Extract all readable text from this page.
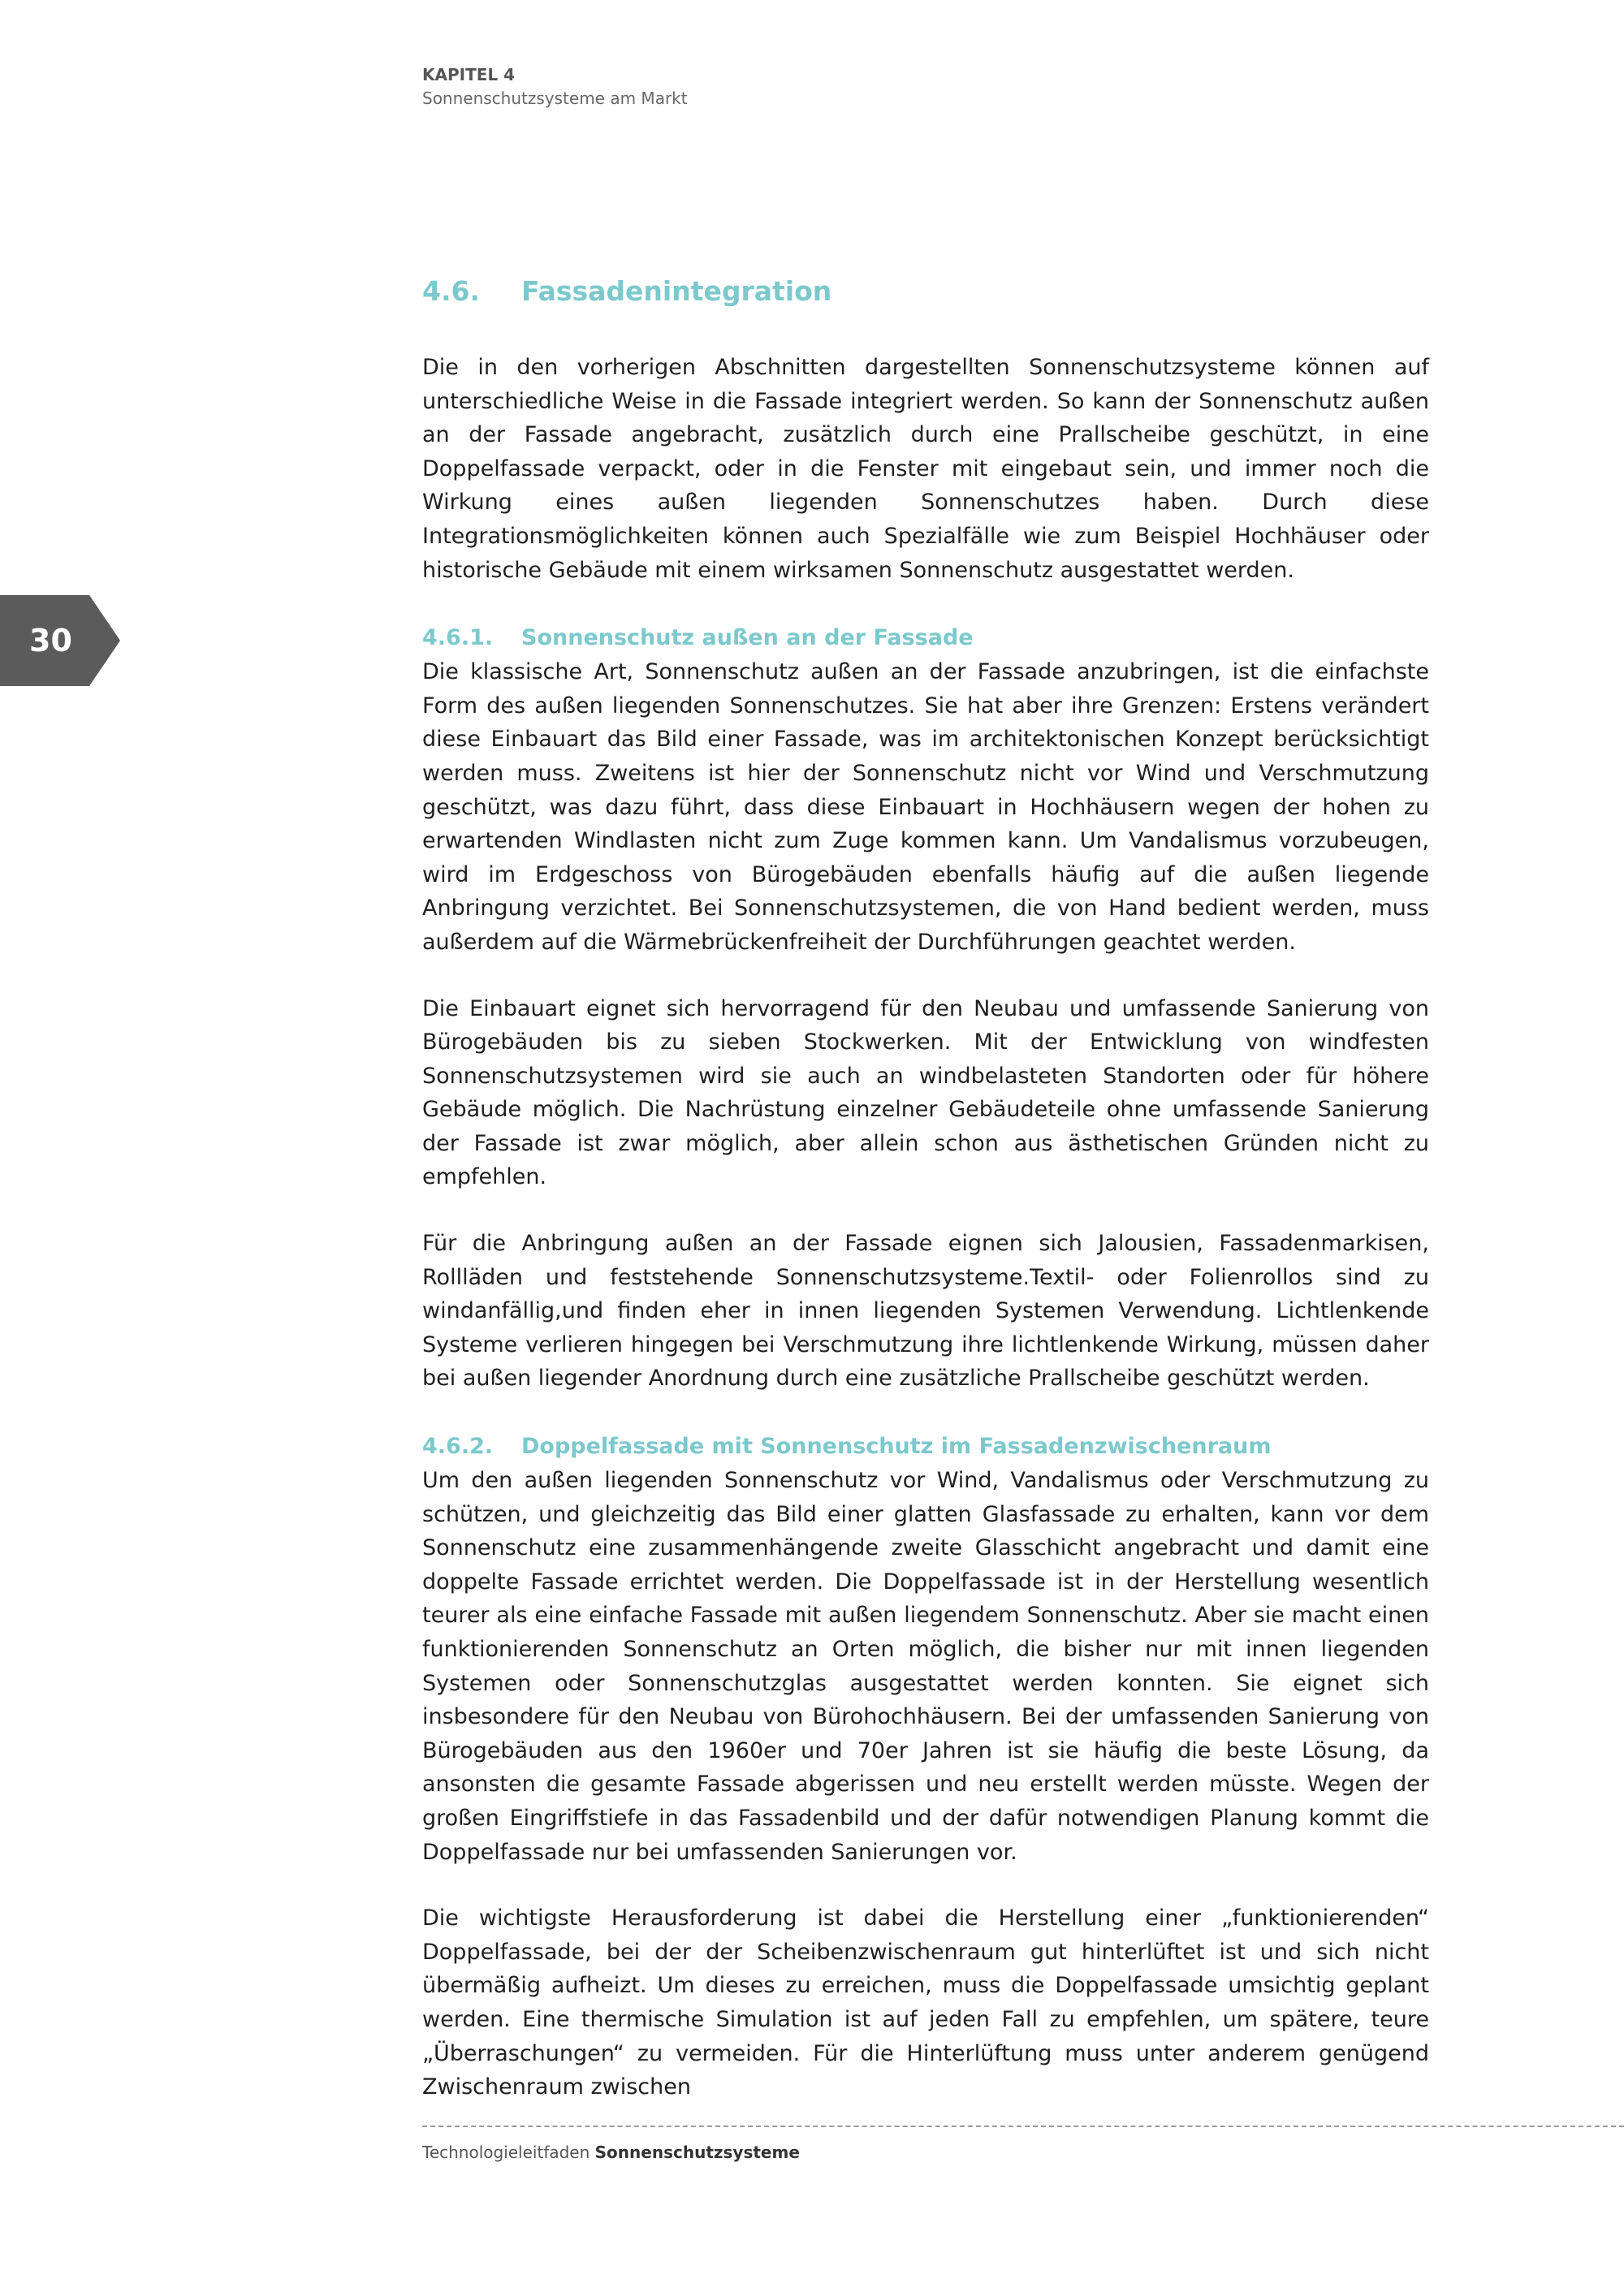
KAPITEL 4
Sonnenschutzsysteme am Markt
30
4.6. Fassadenintegration

Die in den vorherigen Abschnitten dargestellten Sonnenschutzsysteme können auf unterschiedliche Weise in die Fassade integriert werden. So kann der Sonnenschutz außen an der Fassade angebracht, zusätzlich durch eine Prallscheibe geschützt, in eine Doppelfassade verpackt, oder in die Fenster mit eingebaut sein, und immer noch die Wirkung eines außen liegenden Sonnenschutzes haben. Durch diese Integrationsmöglichkeiten können auch Spezialfälle wie zum Beispiel Hochhäuser oder historische Gebäude mit einem wirksamen Sonnenschutz ausgestattet werden.

4.6.1. Sonnenschutz außen an der Fassade

Die klassische Art, Sonnenschutz außen an der Fassade anzubringen, ist die einfachste Form des außen liegenden Sonnenschutzes. Sie hat aber ihre Grenzen: Erstens verändert diese Einbauart das Bild einer Fassade, was im architektonischen Konzept berücksichtigt werden muss. Zweitens ist hier der Sonnenschutz nicht vor Wind und Verschmutzung geschützt, was dazu führt, dass diese Einbauart in Hochhäusern wegen der hohen zu erwartenden Windlasten nicht zum Zuge kommen kann. Um Vandalismus vorzubeugen, wird im Erdgeschoss von Bürogebäuden ebenfalls häufig auf die außen liegende Anbringung verzichtet. Bei Sonnenschutzsystemen, die von Hand bedient werden, muss außerdem auf die Wärmebrückenfreiheit der Durchführungen geachtet werden.

Die Einbauart eignet sich hervorragend für den Neubau und umfassende Sanierung von Bürogebäuden bis zu sieben Stockwerken. Mit der Entwicklung von windfesten Sonnenschutzsystemen wird sie auch an windbelasteten Standorten oder für höhere Gebäude möglich. Die Nachrüstung einzelner Gebäudeteile ohne umfassende Sanierung der Fassade ist zwar möglich, aber allein schon aus ästhetischen Gründen nicht zu empfehlen.

Für die Anbringung außen an der Fassade eignen sich Jalousien, Fassadenmarkisen, Rollläden und feststehende Sonnenschutzsysteme.Textil- oder Folienrollos sind zu windanfällig,und finden eher in innen liegenden Systemen Verwendung. Lichtlenkende Systeme verlieren hingegen bei Verschmutzung ihre lichtlenkende Wirkung, müssen daher bei außen liegender Anordnung durch eine zusätzliche Prallscheibe geschützt werden.

4.6.2. Doppelfassade mit Sonnenschutz im Fassadenzwischenraum

Um den außen liegenden Sonnenschutz vor Wind, Vandalismus oder Verschmutzung zu schützen, und gleichzeitig das Bild einer glatten Glasfassade zu erhalten, kann vor dem Sonnenschutz eine zusammenhängende zweite Glasschicht angebracht und damit eine doppelte Fassade errichtet werden. Die Doppelfassade ist in der Herstellung wesentlich teurer als eine einfache Fassade mit außen liegendem Sonnenschutz. Aber sie macht einen funktionierenden Sonnenschutz an Orten möglich, die bisher nur mit innen liegenden Systemen oder Sonnenschutzglas ausgestattet werden konnten. Sie eignet sich insbesondere für den Neubau von Bürohochhäusern. Bei der umfassenden Sanierung von Bürogebäuden aus den 1960er und 70er Jahren ist sie häufig die beste Lösung, da ansonsten die gesamte Fassade abgerissen und neu erstellt werden müsste. Wegen der großen Eingriffstiefe in das Fassadenbild und der dafür notwendigen Planung kommt die Doppelfassade nur bei umfassenden Sanierungen vor.

Die wichtigste Herausforderung ist dabei die Herstellung einer „funktionierenden“ Doppelfassade, bei der der Scheibenzwischenraum gut hinterlüftet ist und sich nicht übermäßig aufheizt. Um dieses zu erreichen, muss die Doppelfassade umsichtig geplant werden. Eine thermische Simulation ist auf jeden Fall zu empfehlen, um spätere, teure „Überraschungen“ zu vermeiden. Für die Hinterlüftung muss unter anderem genügend Zwischenraum zwischen

Technologieleitfaden Sonnenschutzsysteme
